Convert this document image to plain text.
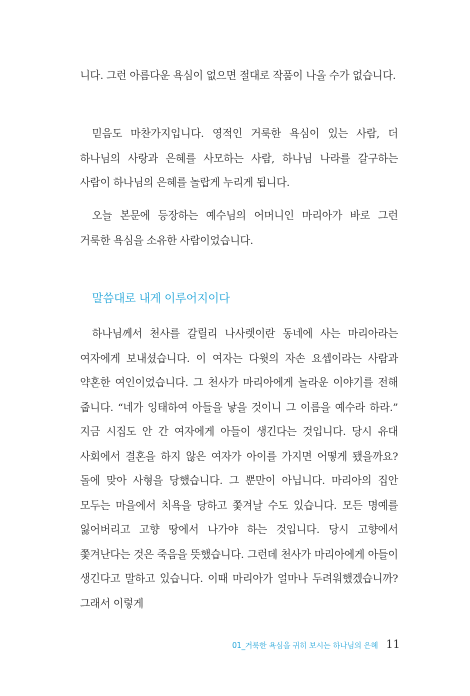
니다. 그런 아름다운 욕심이 없으면 절대로 작품이 나올 수가 없습니다.

믿음도 마찬가지입니다. 영적인 거룩한 욕심이 있는 사람, 더 하나님의 사랑과 은혜를 사모하는 사람, 하나님 나라를 갈구하는 사람이 하나님의 은혜를 놀랍게 누리게 됩니다.

오늘 본문에 등장하는 예수님의 어머니인 마리아가 바로 그런 거룩한 욕심을 소유한 사람이었습니다.

말씀대로 내게 이루어지이다

하나님께서 천사를 갈릴리 나사렛이란 동네에 사는 마리아라는 여자에게 보내셨습니다. 이 여자는 다윗의 자손 요셉이라는 사람과 약혼한 여인이었습니다. 그 천사가 마리아에게 놀라운 이야기를 전해 줍니다. “네가 잉태하여 아들을 낳을 것이니 그 이름을 예수라 하라.” 지금 시집도 안 간 여자에게 아들이 생긴다는 것입니다. 당시 유대 사회에서 결혼을 하지 않은 여자가 아이를 가지면 어떻게 됐을까요? 돌에 맞아 사형을 당했습니다. 그 뿐만이 아닙니다. 마리아의 집안 모두는 마을에서 치욕을 당하고 쫓겨날 수도 있습니다. 모든 명예를 잃어버리고 고향 땅에서 나가야 하는 것입니다. 당시 고향에서 쫓겨난다는 것은 죽음을 뜻했습니다. 그런데 천사가 마리아에게 아들이 생긴다고 말하고 있습니다. 이때 마리아가 얼마나 두려워했겠습니까? 그래서 이렇게

01_거룩한 욕심을 귀히 보시는 하나님의 은혜 11
